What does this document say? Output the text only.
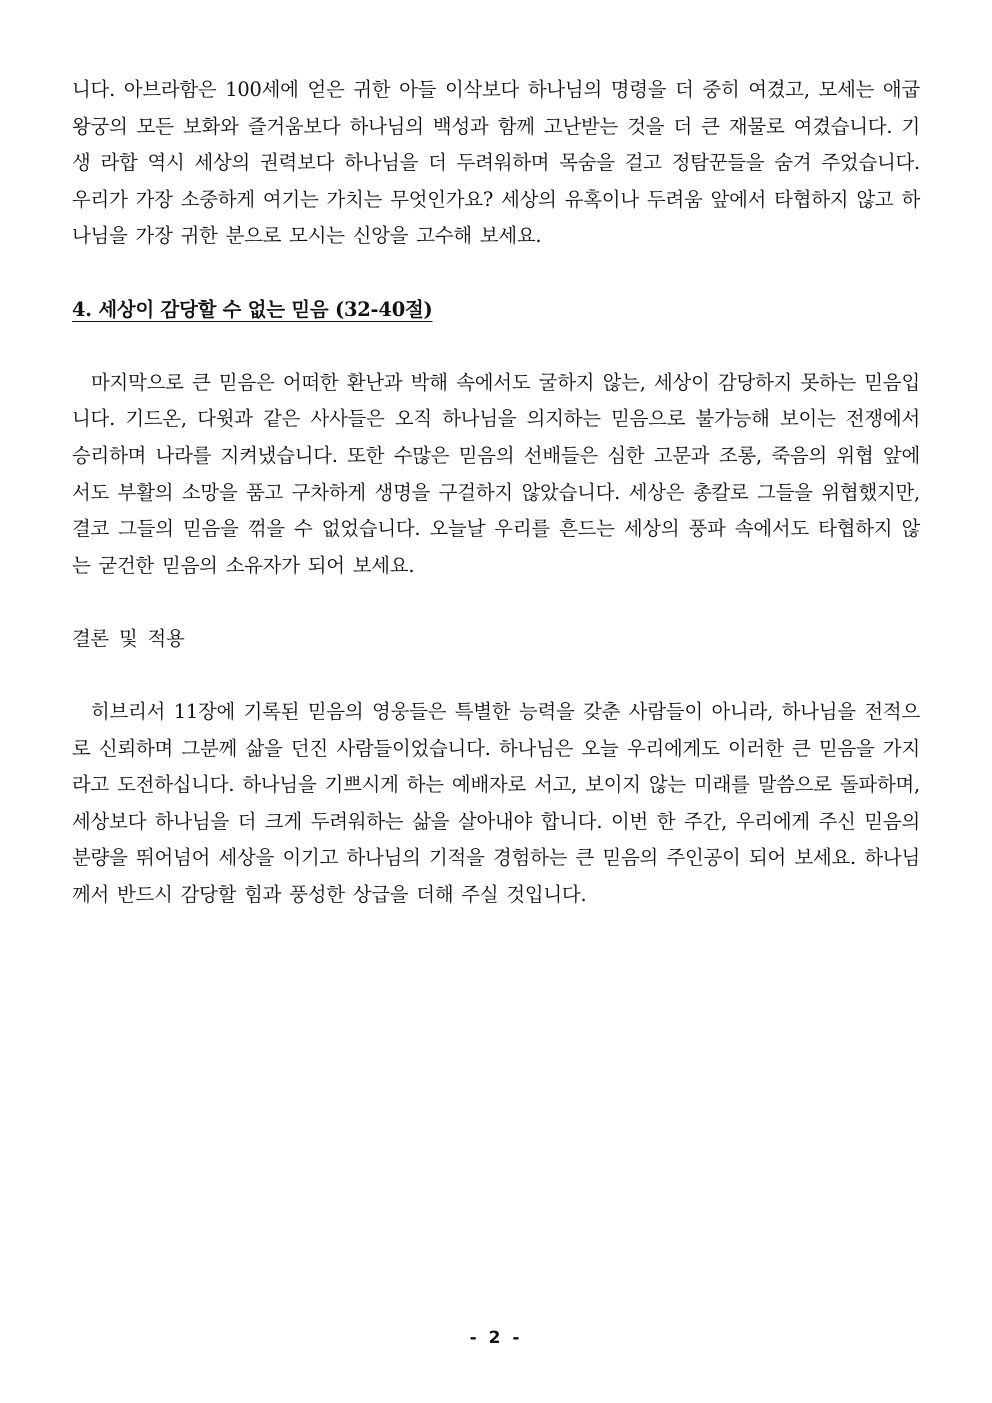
니다. 아브라함은 100세에 얻은 귀한 아들 이삭보다 하나님의 명령을 더 중히 여겼고, 모세는 애굽 왕궁의 모든 보화와 즐거움보다 하나님의 백성과 함께 고난받는 것을 더 큰 재물로 여겼습니다. 기생 라합 역시 세상의 권력보다 하나님을 더 두려워하며 목숨을 걸고 정탐꾼들을 숨겨 주었습니다. 우리가 가장 소중하게 여기는 가치는 무엇인가요? 세상의 유혹이나 두려움 앞에서 타협하지 않고 하나님을 가장 귀한 분으로 모시는 신앙을 고수해 보세요.

4. 세상이 감당할 수 없는 믿음 (32-40절)

마지막으로 큰 믿음은 어떠한 환난과 박해 속에서도 굴하지 않는, 세상이 감당하지 못하는 믿음입니다. 기드온, 다윗과 같은 사사들은 오직 하나님을 의지하는 믿음으로 불가능해 보이는 전쟁에서 승리하며 나라를 지켜냈습니다. 또한 수많은 믿음의 선배들은 심한 고문과 조롱, 죽음의 위협 앞에서도 부활의 소망을 품고 구차하게 생명을 구걸하지 않았습니다. 세상은 총칼로 그들을 위협했지만, 결코 그들의 믿음을 꺾을 수 없었습니다. 오늘날 우리를 흔드는 세상의 풍파 속에서도 타협하지 않는 굳건한 믿음의 소유자가 되어 보세요.

결론 및 적용

히브리서 11장에 기록된 믿음의 영웅들은 특별한 능력을 갖춘 사람들이 아니라, 하나님을 전적으로 신뢰하며 그분께 삶을 던진 사람들이었습니다. 하나님은 오늘 우리에게도 이러한 큰 믿음을 가지라고 도전하십니다. 하나님을 기쁘시게 하는 예배자로 서고, 보이지 않는 미래를 말씀으로 돌파하며, 세상보다 하나님을 더 크게 두려워하는 삶을 살아내야 합니다. 이번 한 주간, 우리에게 주신 믿음의 분량을 뛰어넘어 세상을 이기고 하나님의 기적을 경험하는 큰 믿음의 주인공이 되어 보세요. 하나님께서 반드시 감당할 힘과 풍성한 상급을 더해 주실 것입니다.

- 2 -
